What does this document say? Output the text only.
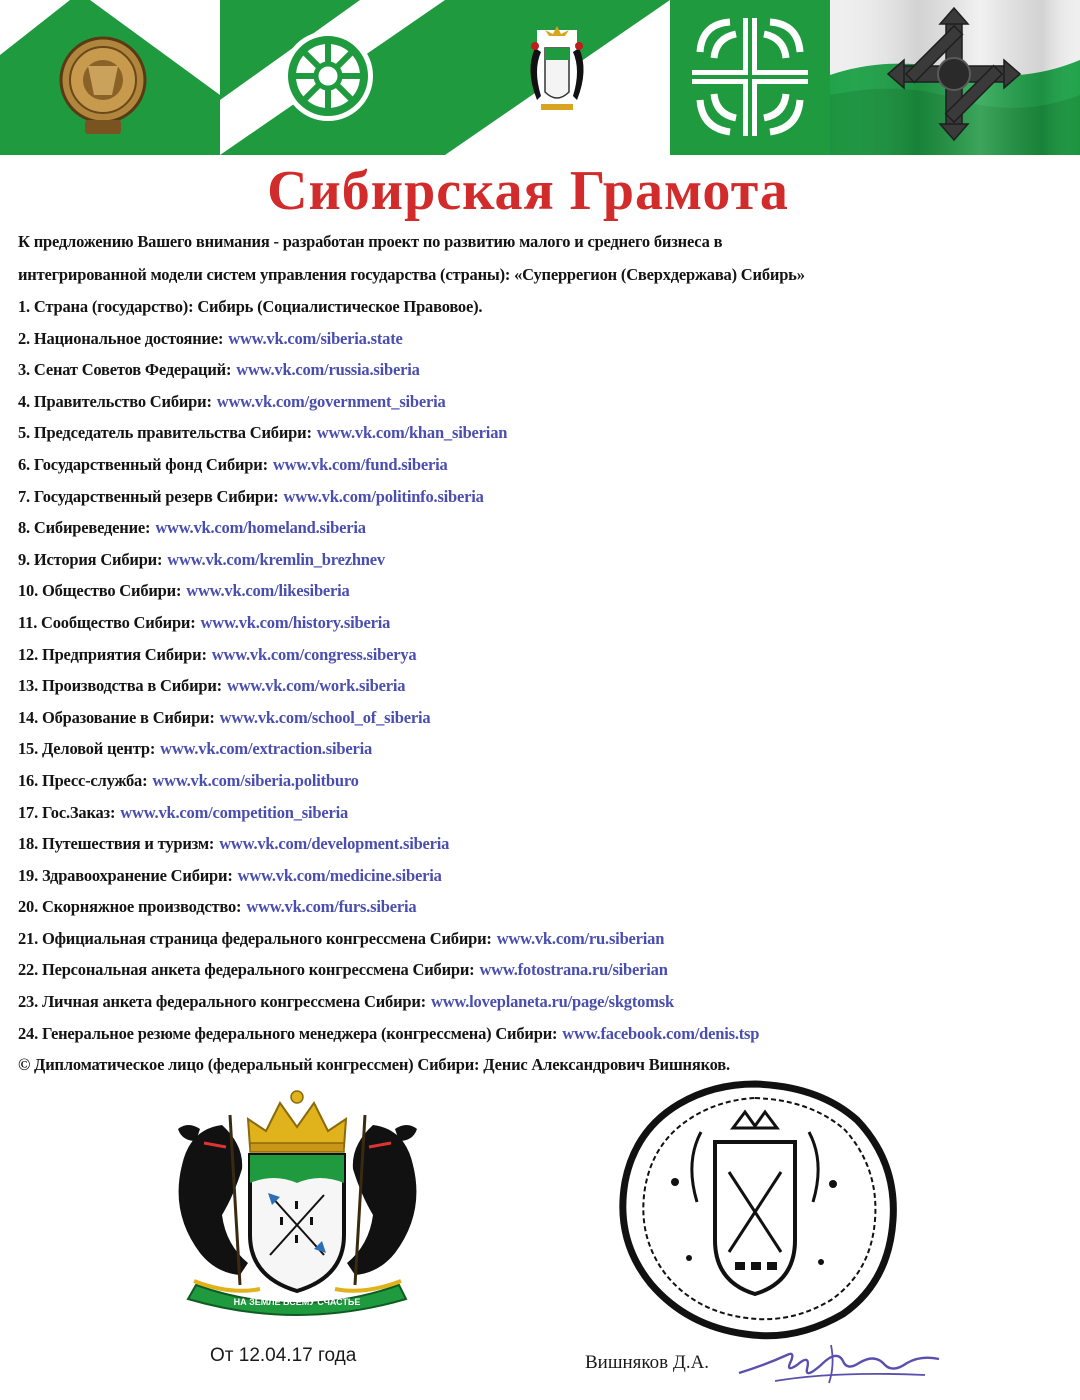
Сибирская Грамота
К предложению Вашего внимания - разработан проект по развитию малого и среднего бизнеса в
интегрированной модели систем управления государства (страны): «Суперрегион (Сверхдержава) Сибирь»
1. Страна (государство): Сибирь (Социалистическое Правовое).
2. Национальное достояние: www.vk.com/siberia.state
3. Сенат Советов Федераций: www.vk.com/russia.siberia
4. Правительство Сибири: www.vk.com/government_siberia
5. Председатель правительства Сибири: www.vk.com/khan_siberian
6. Государственный фонд Сибири: www.vk.com/fund.siberia
7. Государственный резерв Сибири: www.vk.com/politinfo.siberia
8. Сибиреведение: www.vk.com/homeland.siberia
9. История Сибири: www.vk.com/kremlin_brezhnev
10. Общество Сибири: www.vk.com/likesiberia
11. Сообщество Сибири: www.vk.com/history.siberia
12. Предприятия Сибири: www.vk.com/congress.siberya
13. Производства в Сибири: www.vk.com/work.siberia
14. Образование в Сибири: www.vk.com/school_of_siberia
15. Деловой центр: www.vk.com/extraction.siberia
16. Пресс-служба: www.vk.com/siberia.politburo
17. Гос.Заказ: www.vk.com/competition_siberia
18. Путешествия и туризм: www.vk.com/development.siberia
19. Здравоохранение Сибири: www.vk.com/medicine.siberia
20. Скорняжное производство: www.vk.com/furs.siberia
21. Официальная страница федерального конгрессмена Сибири: www.vk.com/ru.siberian
22. Персональная анкета федерального конгрессмена Сибири: www.fotostrana.ru/siberian
23. Личная анкета федерального конгрессмена Сибири: www.loveplaneta.ru/page/skgtomsk
24. Генеральное резюме федерального менеджера (конгрессмена) Сибири: www.facebook.com/denis.tsp
© Дипломатическое лицо (федеральный конгрессмен) Сибири: Денис Александрович Вишняков.
НА ЗЕМЛЕ ВСЕМУ СЧАСТЬЕ
От 12.04.17 года	Вишняков Д.А.
